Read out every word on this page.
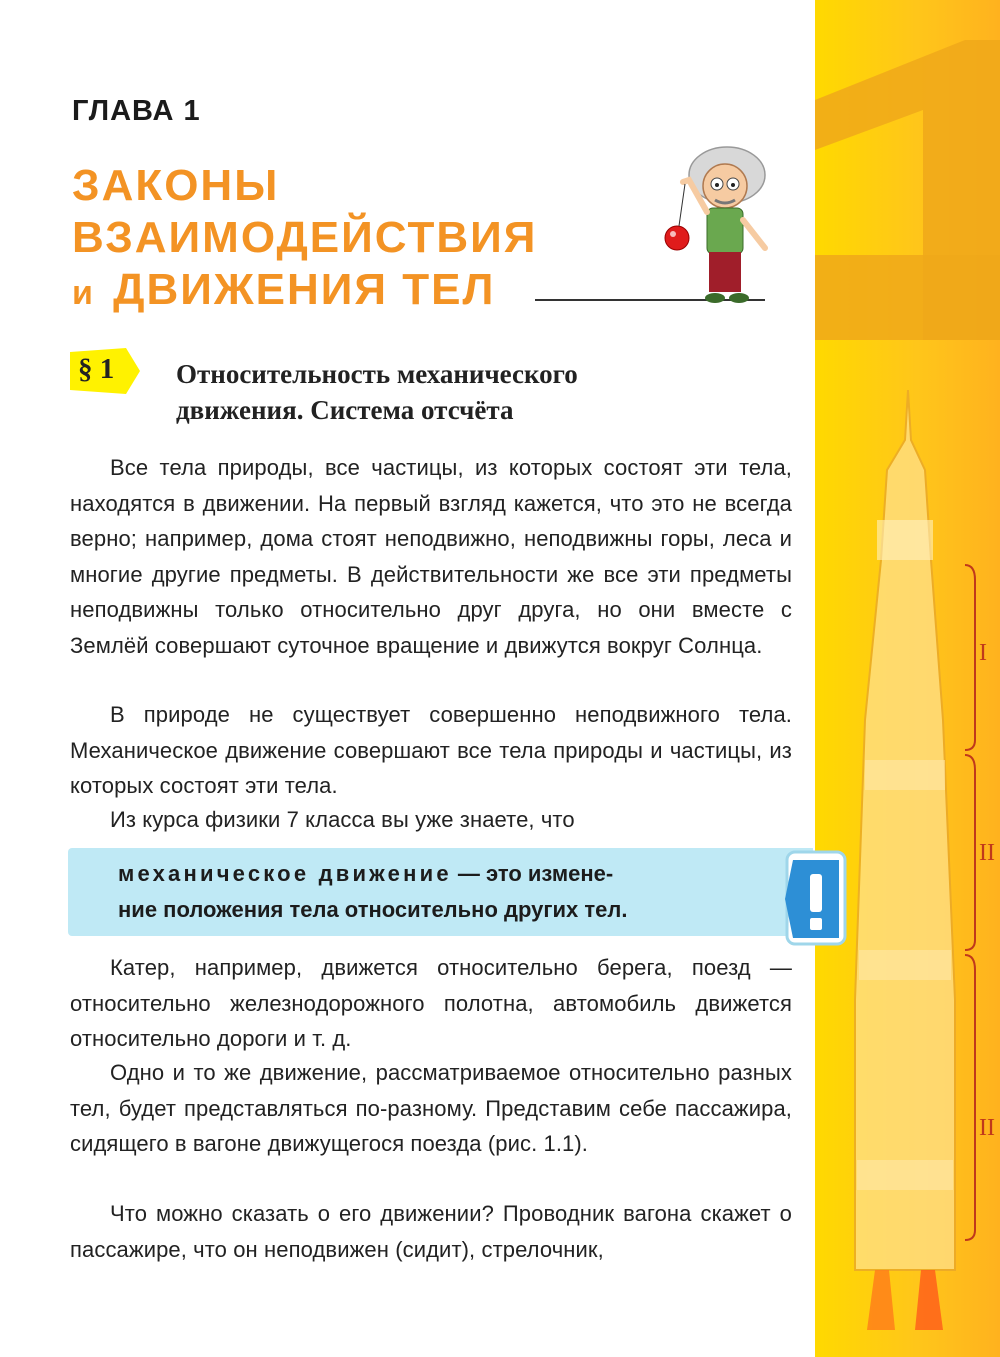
I
II
II
ГЛАВА 1
ЗАКОНЫ
ВЗАИМОДЕЙСТВИЯ
и ДВИЖЕНИЯ ТЕЛ
§ 1	Относительность механического
движения. Система отсчёта
Все тела природы, все частицы, из которых состоят эти тела, находятся в движении. На первый взгляд кажется, что это не всегда верно; например, дома стоят неподвижно, неподвижны горы, леса и многие другие предметы. В действительности же все эти предметы неподвижны только относительно друг друга, но они вместе с Землёй совершают суточное вращение и движутся вокруг Солнца.
В природе не существует совершенно неподвижного тела. Механическое движение совершают все тела природы и частицы, из которых состоят эти тела.
Из курса физики 7 класса вы уже знаете, что
механическое движение — это измене-
ние положения тела относительно других тел.
Катер, например, движется относительно берега, поезд — относительно железнодорожного полотна, автомобиль движется относительно дороги и т. д.
Одно и то же движение, рассматриваемое относительно разных тел, будет представляться по-разному. Представим себе пассажира, сидящего в вагоне движущегося поезда (рис. 1.1).
Что можно сказать о его движении? Проводник вагона скажет о пассажире, что он неподвижен (сидит), стрелочник,
